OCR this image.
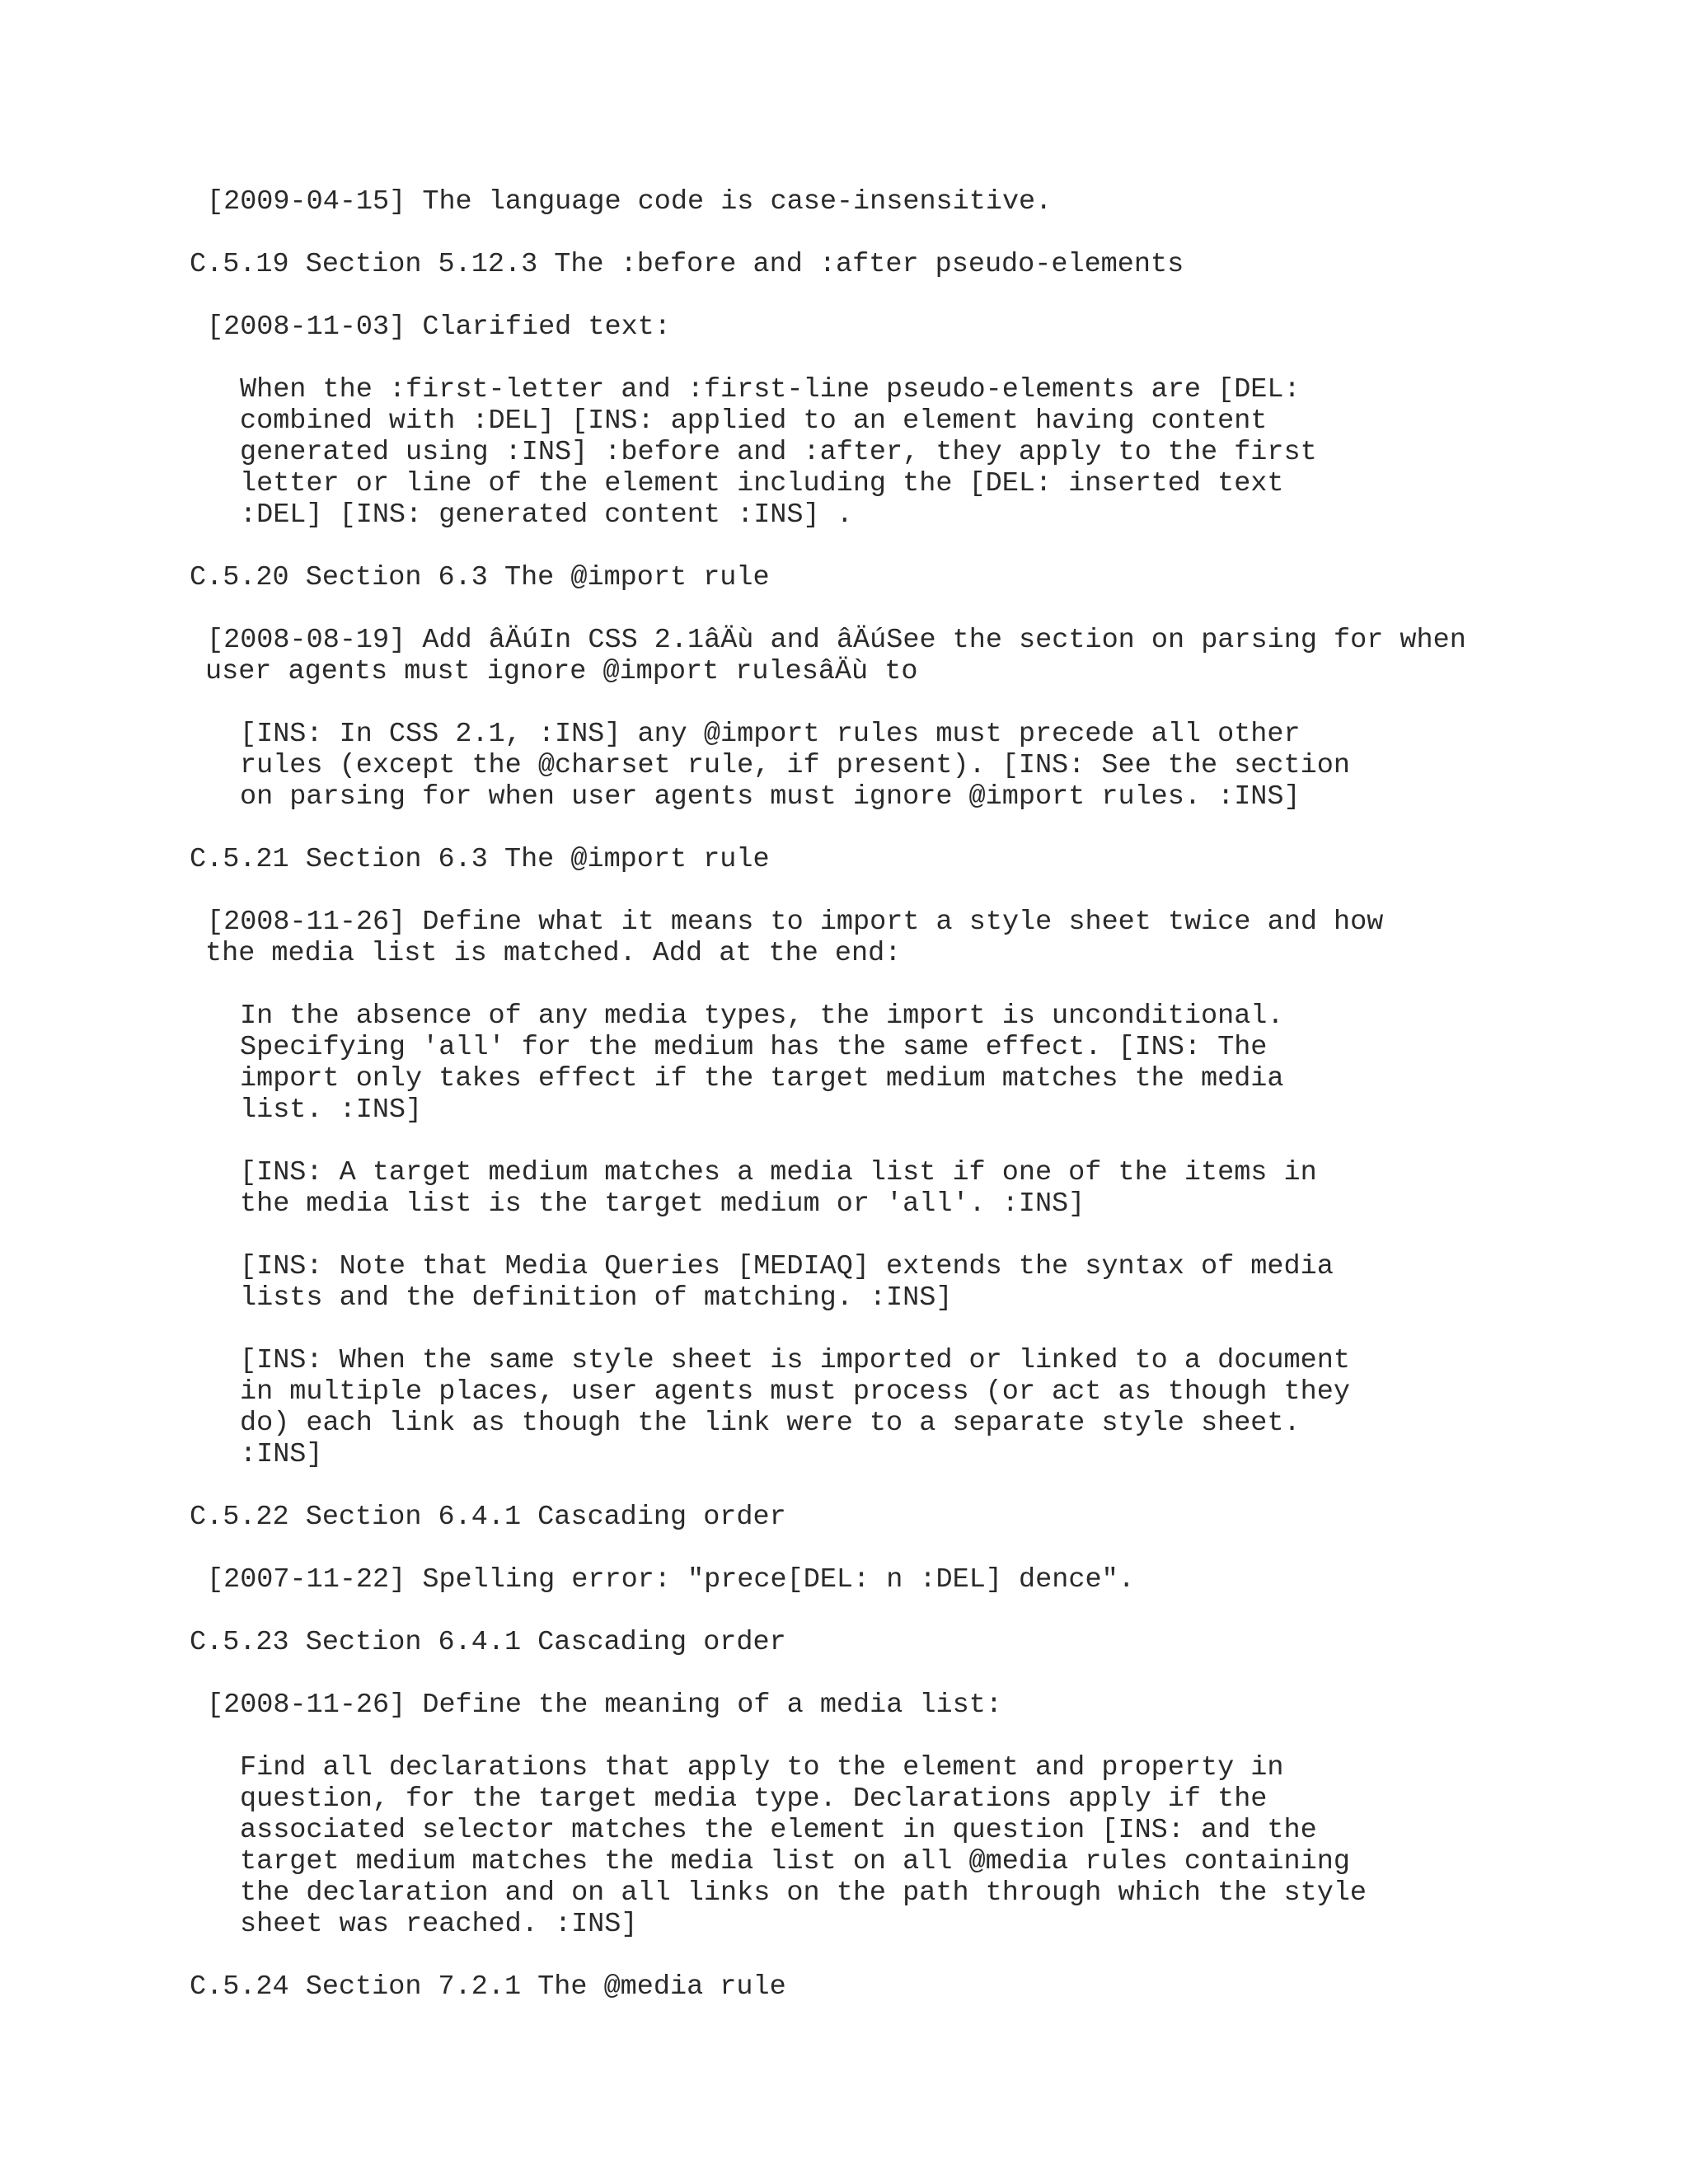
[2009-04-15] The language code is case-insensitive.

C.5.19 Section 5.12.3 The :before and :after pseudo-elements

[2008-11-03] Clarified text:

When the :first-letter and :first-line pseudo-elements are [DEL:

combined with :DEL] [INS: applied to an element having content

generated using :INS] :before and :after, they apply to the first

letter or line of the element including the [DEL: inserted text

:DEL] [INS: generated content :INS] .

C.5.20 Section 6.3 The @import rule

[2008-08-19] Add âÄúIn CSS 2.1âÄù and âÄúSee the section on parsing for when

user agents must ignore @import rulesâÄù to

[INS: In CSS 2.1, :INS] any @import rules must precede all other

rules (except the @charset rule, if present). [INS: See the section

on parsing for when user agents must ignore @import rules. :INS]

C.5.21 Section 6.3 The @import rule

[2008-11-26] Define what it means to import a style sheet twice and how

the media list is matched. Add at the end:

In the absence of any media types, the import is unconditional.

Specifying 'all' for the medium has the same effect. [INS: The

import only takes effect if the target medium matches the media

list. :INS]

[INS: A target medium matches a media list if one of the items in

the media list is the target medium or 'all'. :INS]

[INS: Note that Media Queries [MEDIAQ] extends the syntax of media

lists and the definition of matching. :INS]

[INS: When the same style sheet is imported or linked to a document

in multiple places, user agents must process (or act as though they

do) each link as though the link were to a separate style sheet.

:INS]

C.5.22 Section 6.4.1 Cascading order

[2007-11-22] Spelling error: "prece[DEL: n :DEL] dence".

C.5.23 Section 6.4.1 Cascading order

[2008-11-26] Define the meaning of a media list:

Find all declarations that apply to the element and property in

question, for the target media type. Declarations apply if the

associated selector matches the element in question [INS: and the

target medium matches the media list on all @media rules containing

the declaration and on all links on the path through which the style

sheet was reached. :INS]

C.5.24 Section 7.2.1 The @media rule
